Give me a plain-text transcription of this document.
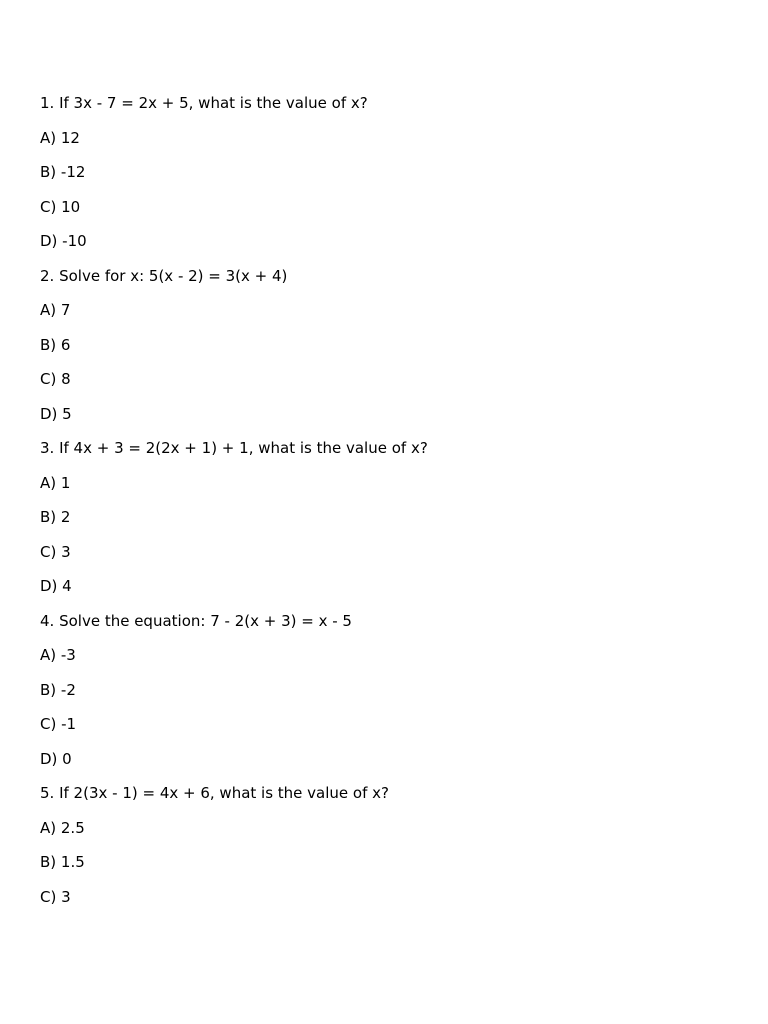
1. If 3x - 7 = 2x + 5, what is the value of x?
A) 12
B) -12
C) 10
D) -10
2. Solve for x: 5(x - 2) = 3(x + 4)
A) 7
B) 6
C) 8
D) 5
3. If 4x + 3 = 2(2x + 1) + 1, what is the value of x?
A) 1
B) 2
C) 3
D) 4
4. Solve the equation: 7 - 2(x + 3) = x - 5
A) -3
B) -2
C) -1
D) 0
5. If 2(3x - 1) = 4x + 6, what is the value of x?
A) 2.5
B) 1.5
C) 3
